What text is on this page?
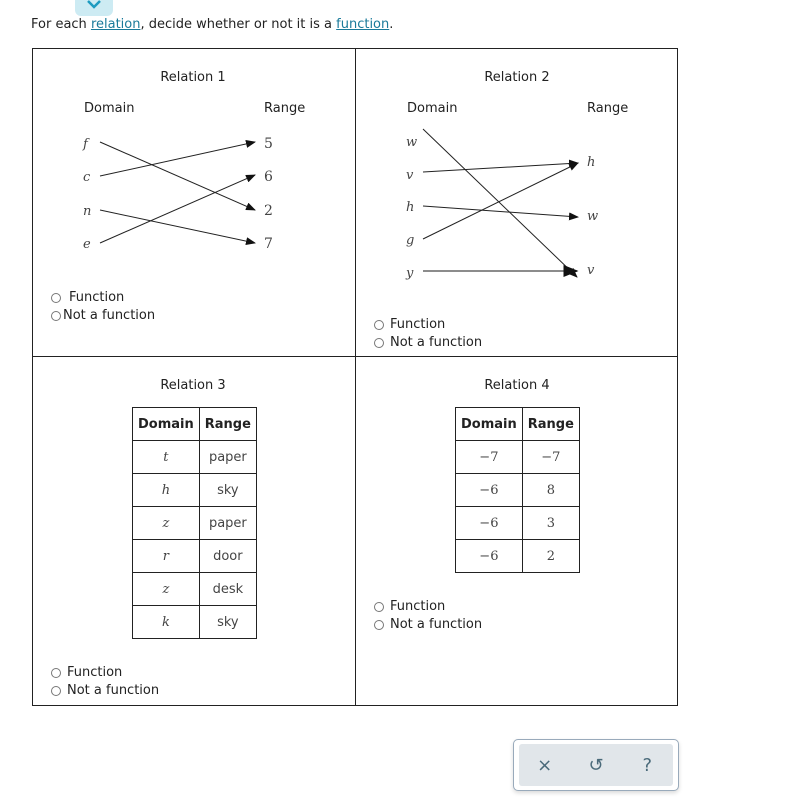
For each relation, decide whether or not it is a function.
Relation 1
Domain	Range
f
c
n
e
5
6
2
7
Function
Not a function
Relation 2
Domain	Range
w
v
h
g
y
h
w
v
Function
Not a function
Relation 3
Domain	Range
t	paper
h	sky
z	paper
r	door
z	desk
k	sky
Function
Not a function
Relation 4
Domain	Range
−7	−7
−6	8
−6	3
−6	2
Function
Not a function
×	↺	?
